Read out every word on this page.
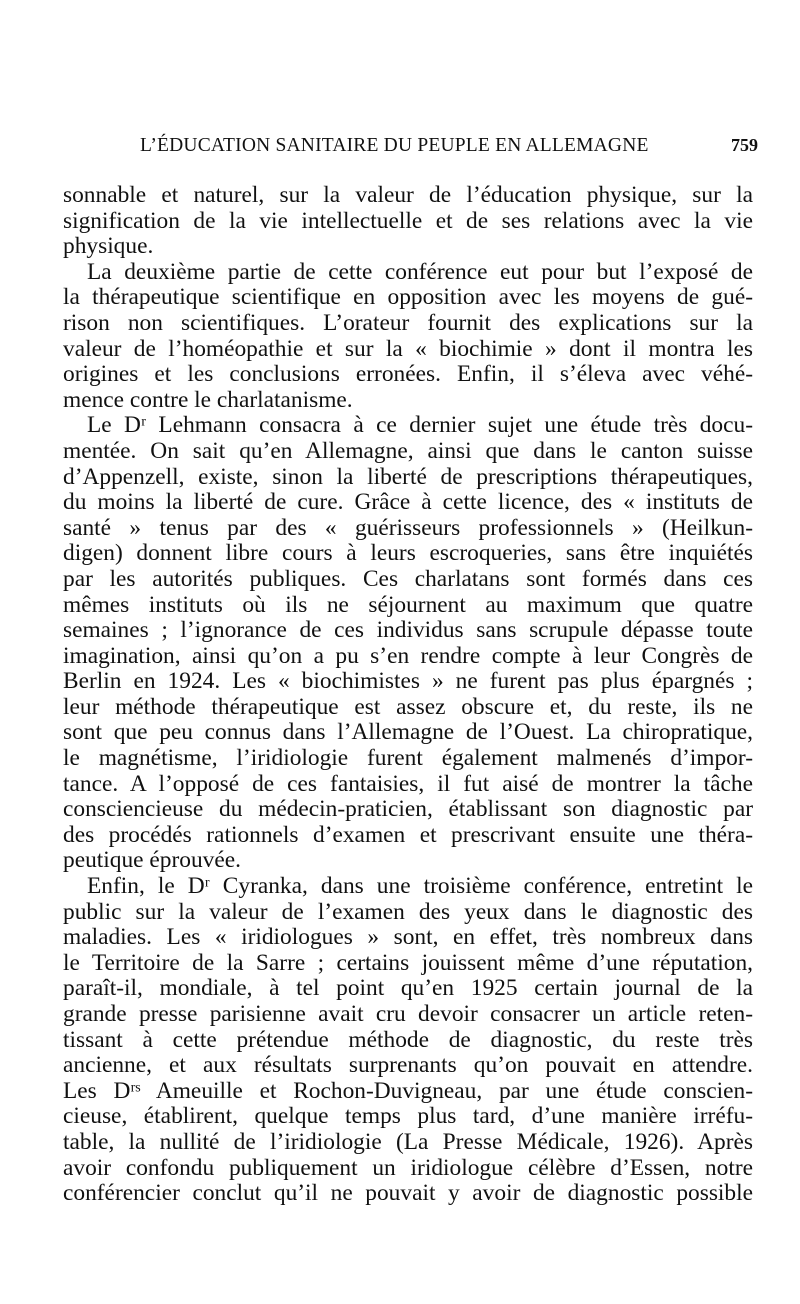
L’ÉDUCATION SANITAIRE DU PEUPLE EN ALLEMAGNE	759
sonnable et naturel, sur la valeur de l’éducation physique, sur la
signification de la vie intellectuelle et de ses relations avec la vie
physique.
La deuxième partie de cette conférence eut pour but l’exposé de
la thérapeutique scientifique en opposition avec les moyens de gué-
rison non scientifiques. L’orateur fournit des explications sur la
valeur de l’homéopathie et sur la « biochimie » dont il montra les
origines et les conclusions erronées. Enfin, il s’éleva avec véhé-
mence contre le charlatanisme.
Le Dʳ Lehmann consacra à ce dernier sujet une étude très docu-
mentée. On sait qu’en Allemagne, ainsi que dans le canton suisse
d’Appenzell, existe, sinon la liberté de prescriptions thérapeutiques,
du moins la liberté de cure. Grâce à cette licence, des « instituts de
santé » tenus par des « guérisseurs professionnels » (Heilkun-
digen) donnent libre cours à leurs escroqueries, sans être inquiétés
par les autorités publiques. Ces charlatans sont formés dans ces
mêmes instituts où ils ne séjournent au maximum que quatre
semaines ; l’ignorance de ces individus sans scrupule dépasse toute
imagination, ainsi qu’on a pu s’en rendre compte à leur Congrès de
Berlin en 1924. Les « biochimistes » ne furent pas plus épargnés ;
leur méthode thérapeutique est assez obscure et, du reste, ils ne
sont que peu connus dans l’Allemagne de l’Ouest. La chiropratique,
le magnétisme, l’iridiologie furent également malmenés d’impor-
tance. A l’opposé de ces fantaisies, il fut aisé de montrer la tâche
consciencieuse du médecin-praticien, établissant son diagnostic par
des procédés rationnels d’examen et prescrivant ensuite une théra-
peutique éprouvée.
Enfin, le Dʳ Cyranka, dans une troisième conférence, entretint le
public sur la valeur de l’examen des yeux dans le diagnostic des
maladies. Les « iridiologues » sont, en effet, très nombreux dans
le Territoire de la Sarre ; certains jouissent même d’une réputation,
paraît-il, mondiale, à tel point qu’en 1925 certain journal de la
grande presse parisienne avait cru devoir consacrer un article reten-
tissant à cette prétendue méthode de diagnostic, du reste très
ancienne, et aux résultats surprenants qu’on pouvait en attendre.
Les Dʳˢ Ameuille et Rochon-Duvigneau, par une étude conscien-
cieuse, établirent, quelque temps plus tard, d’une manière irréfu-
table, la nullité de l’iridiologie (La Presse Médicale, 1926). Après
avoir confondu publiquement un iridiologue célèbre d’Essen, notre
conférencier conclut qu’il ne pouvait y avoir de diagnostic possible
